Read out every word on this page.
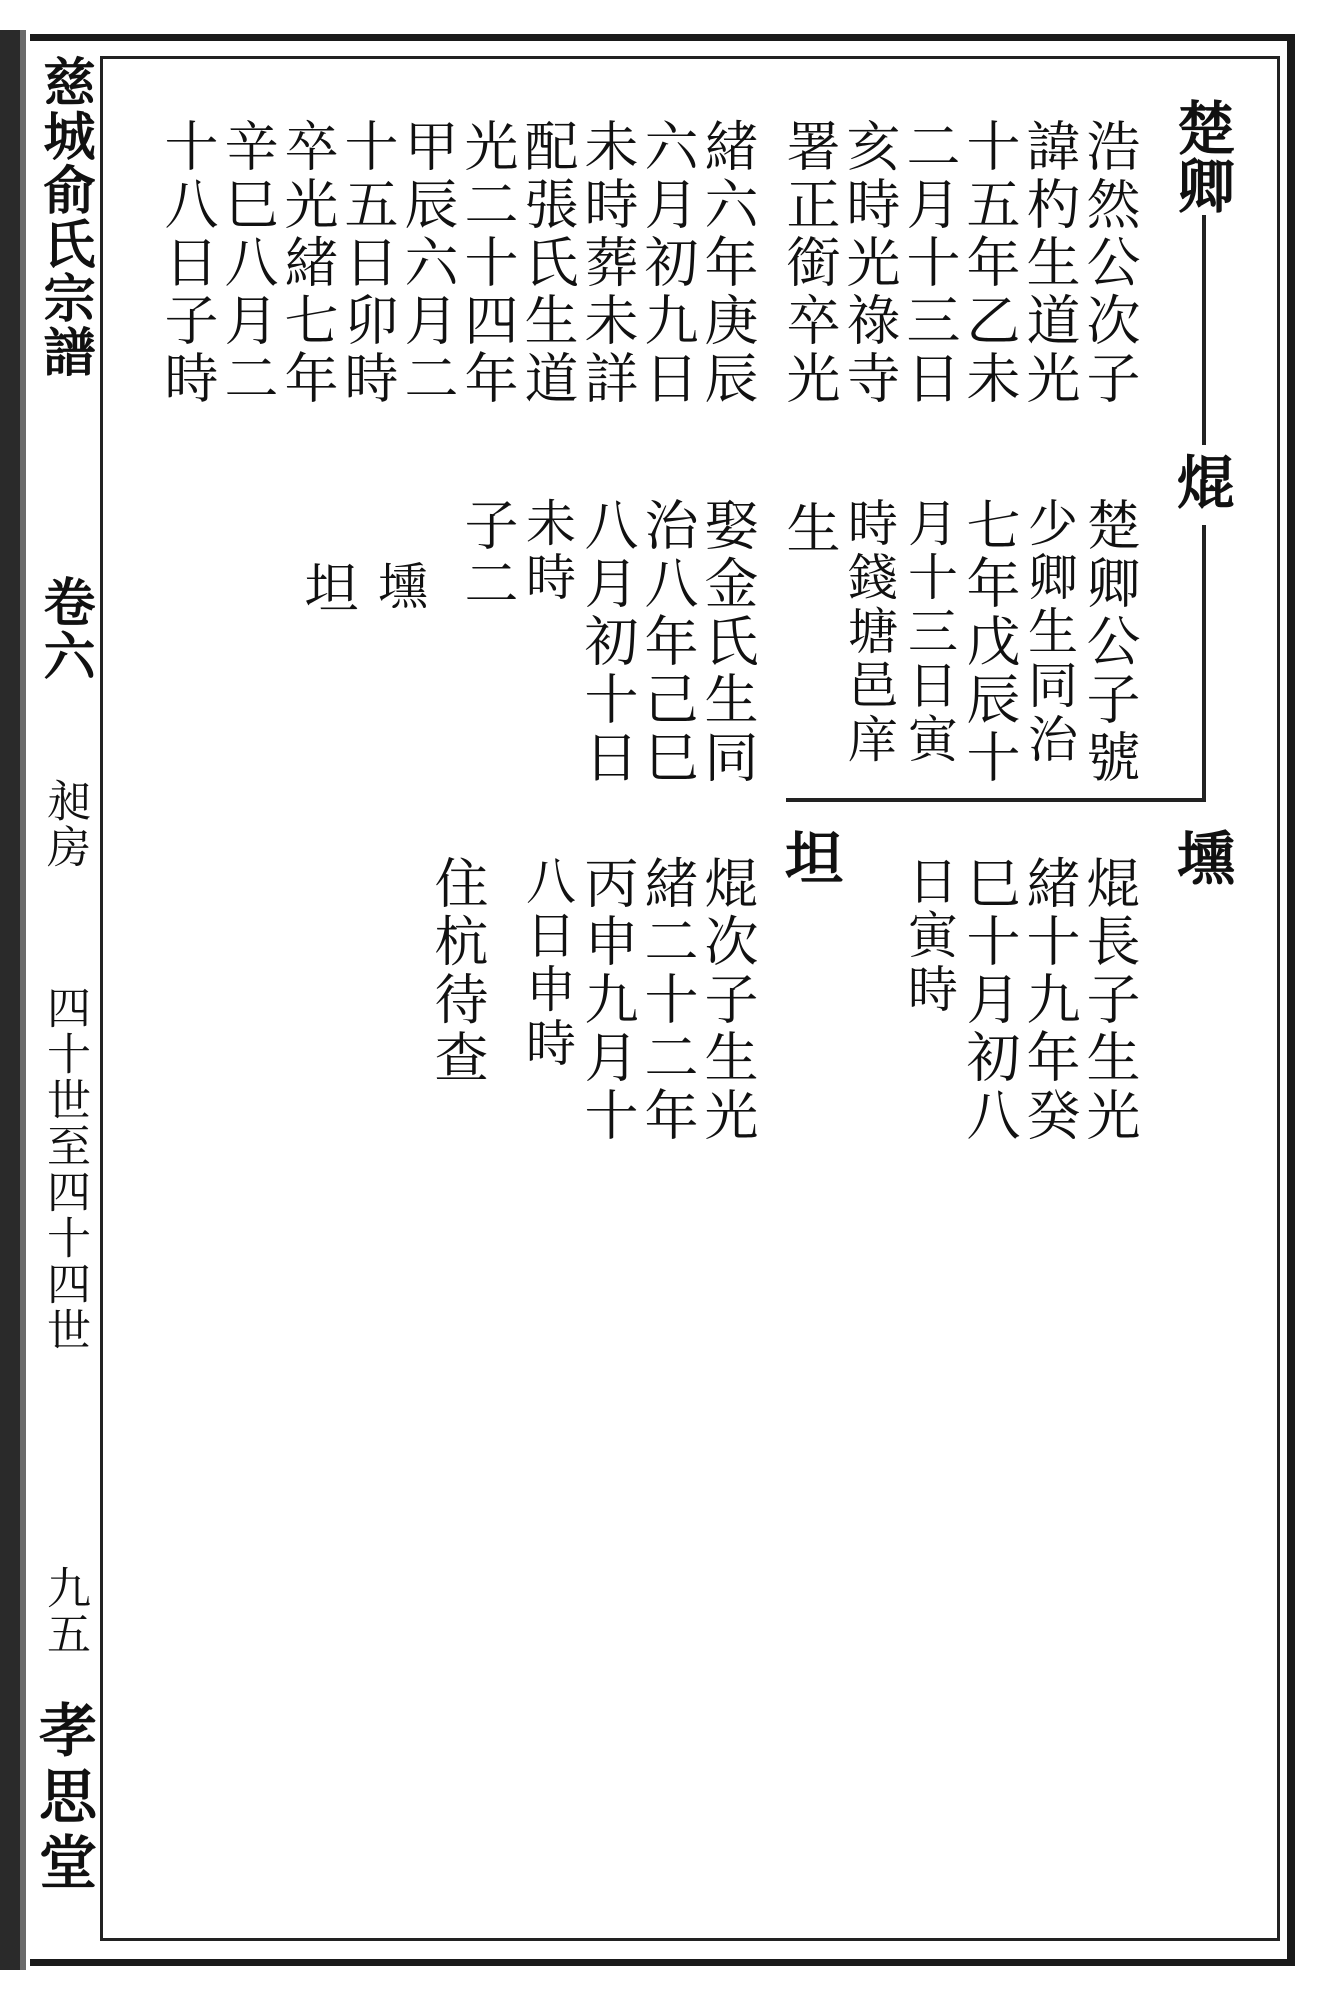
慈城俞氏宗譜
卷六
昶房
四十世至四十四世
九五
孝思堂
楚卿
焜
壎
坦
浩然公次子
諱杓生道光
十五年乙未
二月十三日
亥時光祿寺
署正銜卒光
生
緒六年庚辰
六月初九日
未時葬未詳
配張氏生道
光二十四年
甲辰六月二
十五日卯時
卒光緒七年
辛巳八月二
十八日子時
楚卿公子號
少卿生同治
七年戊辰十
月十三日寅
時錢塘邑庠
娶金氏生同
治八年己巳
八月初十日
未時
子二
壎
坦
焜長子生光
緒十九年癸
巳十月初八
日寅時
焜次子生光
緒二十二年
丙申九月十
八日申時
住杭待查
